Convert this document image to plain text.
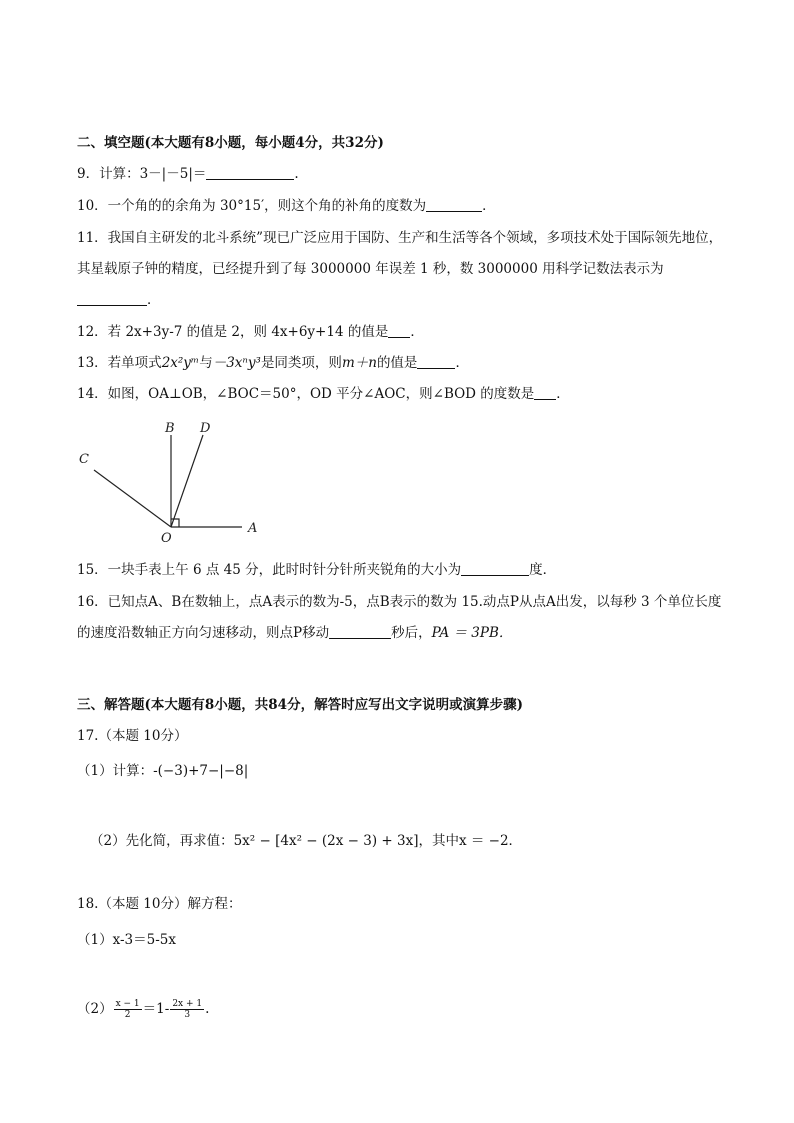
二、填空题(本大题有8小题，每小题4分，共32分)
9．计算：3－|－5|＝	.
10．一个角的的余角为 30°15′，则这个角的补角的度数为	．
11．我国自主研发的北斗系统”现已广泛应用于国防、生产和生活等各个领域，多项技术处于国际领先地位，
其星载原子钟的精度，已经提升到了每 3000000 年误差 1 秒，数 3000000 用科学记数法表示为
．
12．若 2x+3y-7 的值是 2，则 4x+6y+14 的值是 ．
13．若单项式2x²yᵐ与－3xⁿy³是同类项，则m＋n的值是	．
14．如图，OA⊥OB，∠BOC＝50°，OD 平分∠AOC，则∠BOD 的度数是 ．
B D
C
O
A
15．一块手表上午 6 点 45 分，此时时针分针所夹锐角的大小为	度．
16．已知点A、B在数轴上，点A表示的数为-5，点B表示的数为 15.动点P从点A出发，以每秒 3 个单位长度
的速度沿数轴正方向匀速移动，则点P移动	秒后，PA ＝ 3PB．
三、解答题(本大题有8小题，共84分，解答时应写出文字说明或演算步骤)
17.（本题 10分）
（1）计算：-(−3)+7−|−8|
（2）先化简，再求值：5x² − [4x² − (2x − 3) + 3x]，其中x ＝ −2．
18.（本题 10分）解方程：
（1）x-3＝5-5x
$(2) \frac{x - 1}{2} =1- \frac{2x + 1}{3}$ .
